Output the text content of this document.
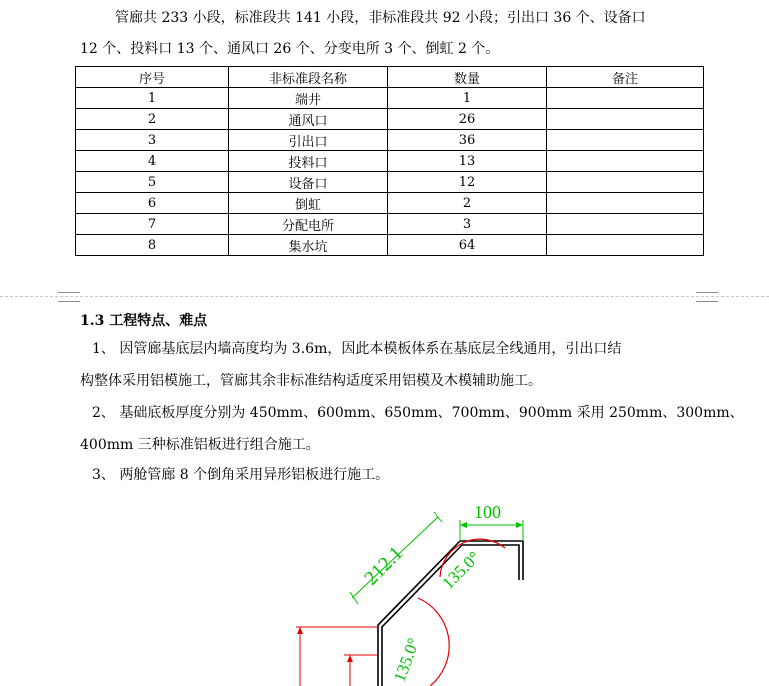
管廊共 233 小段，标准段共 141 小段，非标准段共 92 小段；引出口 36 个、设备口
12 个、投料口 13 个、通风口 26 个、分变电所 3 个、倒虹 2 个。
序号	非标准段名称	数量	备注
1	端井	1	
2	通风口	26	
3	引出口	36	
4	投料口	13	
5	设备口	12	
6	倒虹	2	
7	分配电所	3	
8	集水坑	64	
1.3 工程特点、难点
1、 因管廊基底层内墙高度均为 3.6m，因此本模板体系在基底层全线通用，引出口结
构整体采用铝模施工，管廊其余非标准结构适度采用铝模及木模辅助施工。
2、 基础底板厚度分别为 450mm、600mm、650mm、700mm、900mm 采用 250mm、300mm、
400mm 三种标准铝板进行组合施工。
3、 两舱管廊 8 个倒角采用异形铝板进行施工。
100
212.1 135.0°
135.0°
